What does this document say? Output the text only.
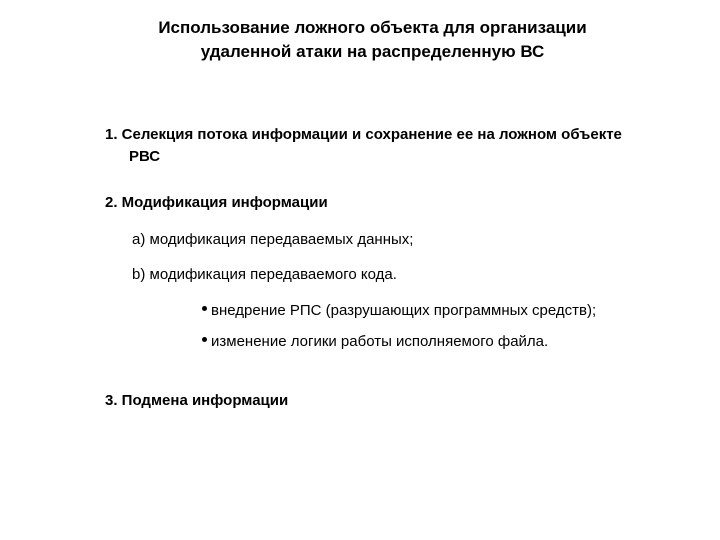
Использование ложного объекта для организации
удаленной атаки на распределенную ВС
1. Селекция потока информации и сохранение ее на ложном объекте
РВС
2. Модификация информации
a) модификация передаваемых данных;
b) модификация передаваемого кода.
внедрение РПС (разрушающих программных средств);
изменение логики работы исполняемого файла.
3. Подмена информации
